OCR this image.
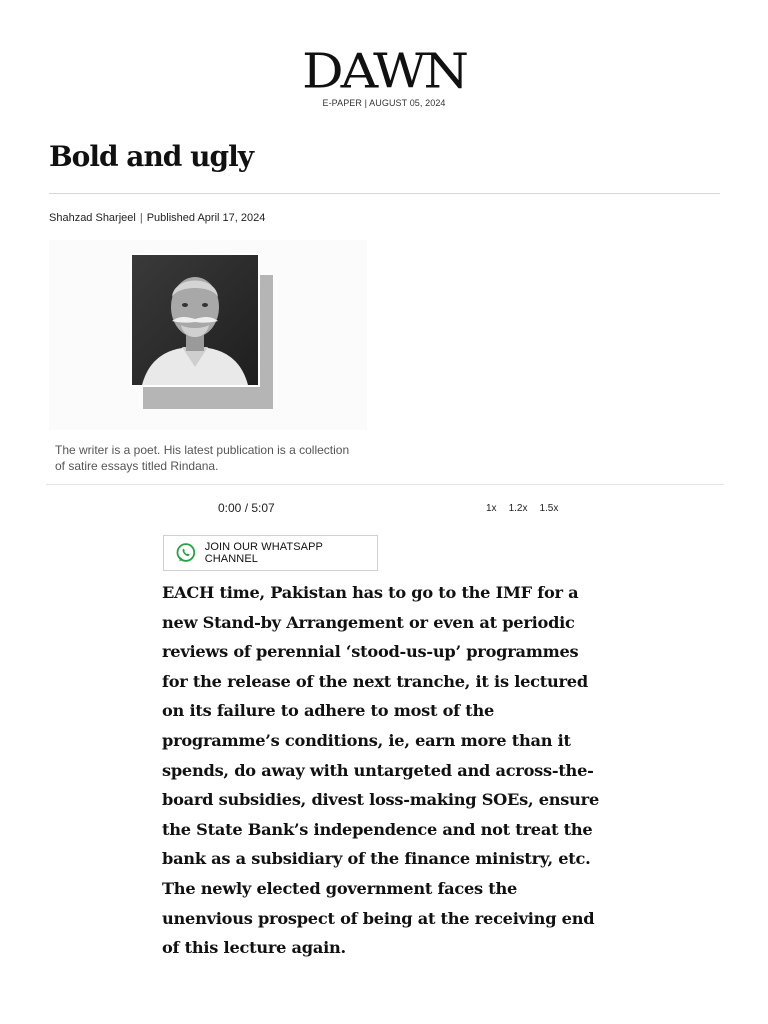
DAWN
E-PAPER | AUGUST 05, 2024
Bold and ugly
Shahzad Sharjeel | Published April 17, 2024
The writer is a poet. His latest publication is a collection of satire essays titled Rindana.
0:00 / 5:07	1x 1.2x 1.5x
JOIN OUR WHATSAPP CHANNEL

EACH time, Pakistan has to go to the IMF for a new Stand-by Arrangement or even at periodic reviews of perennial ‘stood-us-up’ programmes for the release of the next tranche, it is lectured on its failure to adhere to most of the programme’s conditions, ie, earn more than it spends, do away with untargeted and across-the-board subsidies, divest loss-making SOEs, ensure the State Bank’s independence and not treat the bank as a subsidiary of the finance ministry, etc. The newly elected government faces the unenvious prospect of being at the receiving end of this lecture again.
